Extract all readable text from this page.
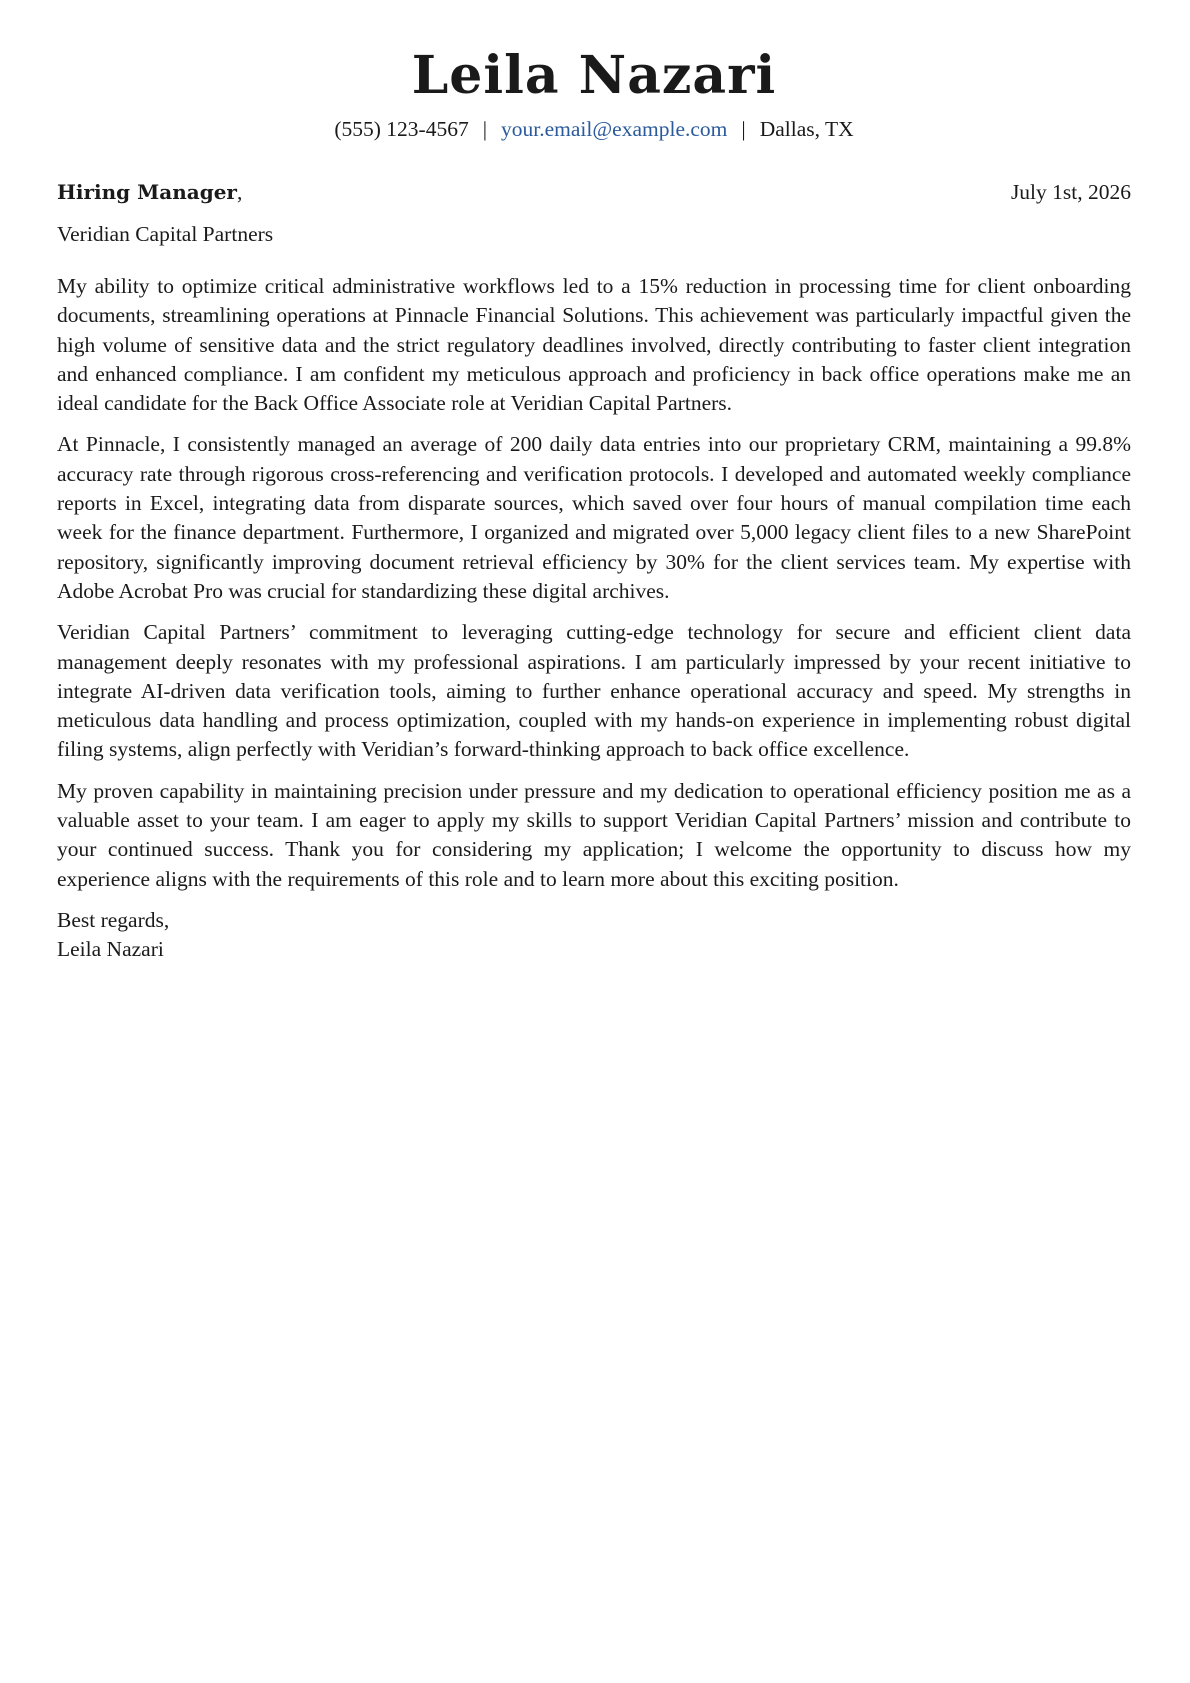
Leila Nazari
(555) 123-4567 | your.email@example.com | Dallas, TX
Hiring Manager,	July 1st, 2026
Veridian Capital Partners

My ability to optimize critical administrative workflows led to a 15% reduction in processing time for client onboarding documents, streamlining operations at Pinnacle Financial Solutions. This achievement was particularly impactful given the high volume of sensitive data and the strict regulatory deadlines involved, directly contributing to faster client integration and enhanced compliance. I am confident my meticulous approach and proficiency in back office operations make me an ideal candidate for the Back Office Associate role at Veridian Capital Partners.

At Pinnacle, I consistently managed an average of 200 daily data entries into our proprietary CRM, maintaining a 99.8% accuracy rate through rigorous cross-referencing and verification protocols. I developed and automated weekly compliance reports in Excel, integrating data from disparate sources, which saved over four hours of manual compilation time each week for the finance department. Furthermore, I organized and migrated over 5,000 legacy client files to a new SharePoint repository, significantly improving document retrieval efficiency by 30% for the client services team. My expertise with Adobe Acrobat Pro was crucial for standardizing these digital archives.

Veridian Capital Partners’ commitment to leveraging cutting-edge technology for secure and efficient client data management deeply resonates with my professional aspirations. I am particularly impressed by your recent initiative to integrate AI-driven data verification tools, aiming to further enhance operational accuracy and speed. My strengths in meticulous data handling and process optimization, coupled with my hands-on experience in implementing robust digital filing systems, align perfectly with Veridian’s forward-thinking approach to back office excellence.

My proven capability in maintaining precision under pressure and my dedication to operational efficiency position me as a valuable asset to your team. I am eager to apply my skills to support Veridian Capital Partners’ mission and contribute to your continued success. Thank you for considering my application; I welcome the opportunity to discuss how my experience aligns with the requirements of this role and to learn more about this exciting position.

Best regards,
Leila Nazari
